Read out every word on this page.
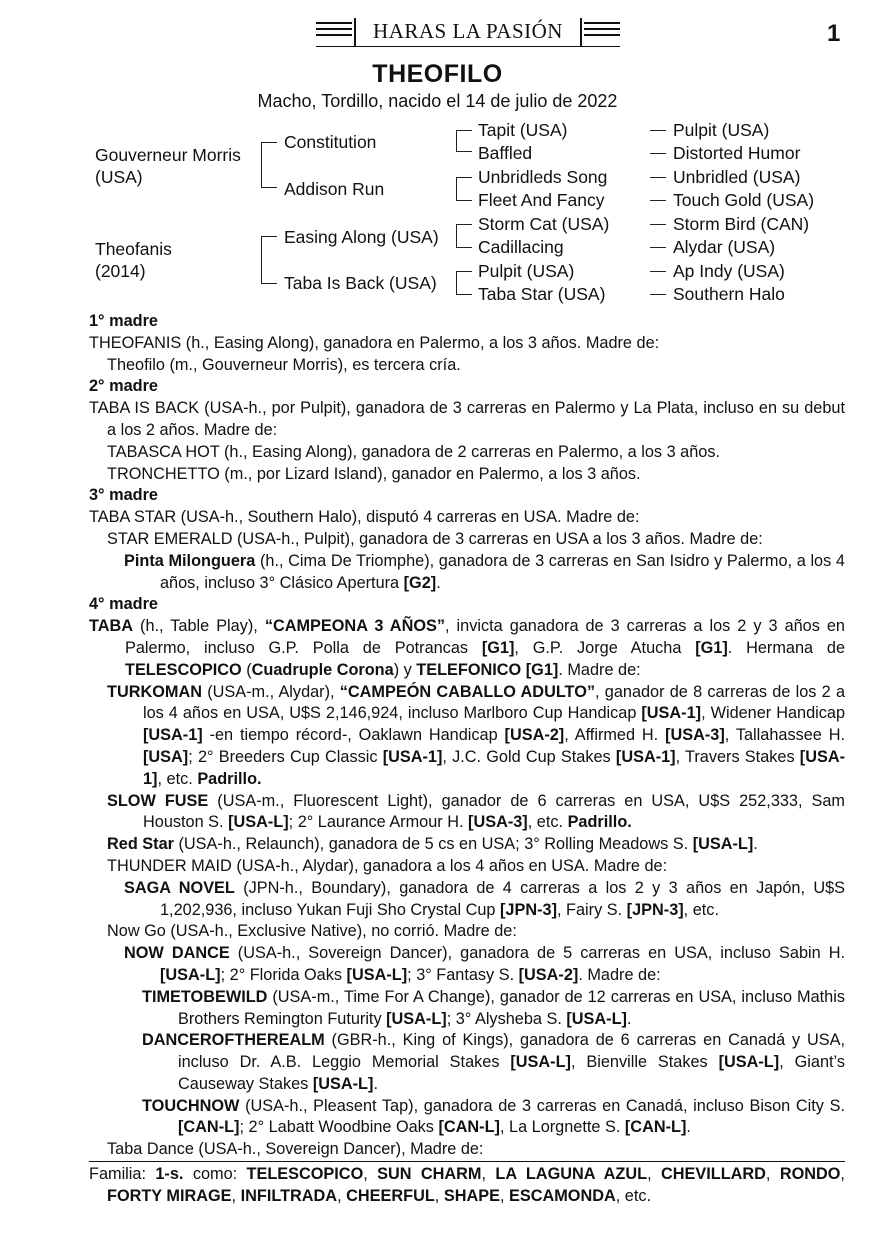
HARAS LA PASIÓN	1
THEOFILO
Macho, Tordillo, nacido el 14 de julio de 2022
Gouverneur Morris
(USA)
Theofanis
(2014)
Constitution
Addison Run
Easing Along (USA)
Taba Is Back (USA)
Tapit (USA)
Baffled
Unbridleds Song
Fleet And Fancy
Storm Cat (USA)
Cadillacing
Pulpit (USA)
Taba Star (USA)
Pulpit (USA)
Distorted Humor
Unbridled (USA)
Touch Gold (USA)
Storm Bird (CAN)
Alydar (USA)
Ap Indy (USA)
Southern Halo

1° madre

THEOFANIS (h., Easing Along), ganadora en Palermo, a los 3 años. Madre de:

Theofilo (m., Gouverneur Morris), es tercera cría.

2° madre

TABA IS BACK (USA-h., por Pulpit), ganadora de 3 carreras en Palermo y La Plata, incluso en su debut a los 2 años. Madre de:

TABASCA HOT (h., Easing Along), ganadora de 2 carreras en Palermo, a los 3 años.

TRONCHETTO (m., por Lizard Island), ganador en Palermo, a los 3 años.

3° madre

TABA STAR (USA-h., Southern Halo), disputó 4 carreras en USA. Madre de:

STAR EMERALD (USA-h., Pulpit), ganadora de 3 carreras en USA a los 3 años. Madre de:

Pinta Milonguera (h., Cima De Triomphe), ganadora de 3 carreras en San Isidro y Palermo, a los 4 años, incluso 3° Clásico Apertura [G2].

4° madre

TABA (h., Table Play), “CAMPEONA 3 AÑOS”, invicta ganadora de 3 carreras a los 2 y 3 años en Palermo, incluso G.P. Polla de Potrancas [G1], G.P. Jorge Atucha [G1]. Hermana de TELESCOPICO (Cuadruple Corona) y TELEFONICO [G1]. Madre de:

TURKOMAN (USA-m., Alydar), “CAMPEÓN CABALLO ADULTO”, ganador de 8 carreras de los 2 a los 4 años en USA, U$S 2,146,924, incluso Marlboro Cup Handicap [USA-1], Widener Handicap [USA-1] -en tiempo récord-, Oaklawn Handicap [USA-2], Affirmed H. [USA-3], Tallahassee H. [USA]; 2° Breeders Cup Classic [USA-1], J.C. Gold Cup Stakes [USA-1], Travers Stakes [USA-1], etc. Padrillo.

SLOW FUSE (USA-m., Fluorescent Light), ganador de 6 carreras en USA, U$S 252,333, Sam Houston S. [USA-L]; 2° Laurance Armour H. [USA-3], etc. Padrillo.

Red Star (USA-h., Relaunch), ganadora de 5 cs en USA; 3° Rolling Meadows S. [USA-L].

THUNDER MAID (USA-h., Alydar), ganadora a los 4 años en USA. Madre de:

SAGA NOVEL (JPN-h., Boundary), ganadora de 4 carreras a los 2 y 3 años en Japón, U$S 1,202,936, incluso Yukan Fuji Sho Crystal Cup [JPN-3], Fairy S. [JPN-3], etc.

Now Go (USA-h., Exclusive Native), no corrió. Madre de:

NOW DANCE (USA-h., Sovereign Dancer), ganadora de 5 carreras en USA, incluso Sabin H. [USA-L]; 2° Florida Oaks [USA-L]; 3° Fantasy S. [USA-2]. Madre de:

TIMETOBEWILD (USA-m., Time For A Change), ganador de 12 carreras en USA, incluso Mathis Brothers Remington Futurity [USA-L]; 3° Alysheba S. [USA-L].

DANCEROFTHEREALM (GBR-h., King of Kings), ganadora de 6 carreras en Canadá y USA, incluso Dr. A.B. Leggio Memorial Stakes [USA-L], Bienville Stakes [USA-L], Giant’s Causeway Stakes [USA-L].

TOUCHNOW (USA-h., Pleasent Tap), ganadora de 3 carreras en Canadá, incluso Bison City S. [CAN-L]; 2° Labatt Woodbine Oaks [CAN-L], La Lorgnette S. [CAN-L].

Taba Dance (USA-h., Sovereign Dancer), Madre de:

Familia: 1-s. como: TELESCOPICO, SUN CHARM, LA LAGUNA AZUL, CHEVILLARD, RONDO, FORTY MIRAGE, INFILTRADA, CHEERFUL, SHAPE, ESCAMONDA, etc.
